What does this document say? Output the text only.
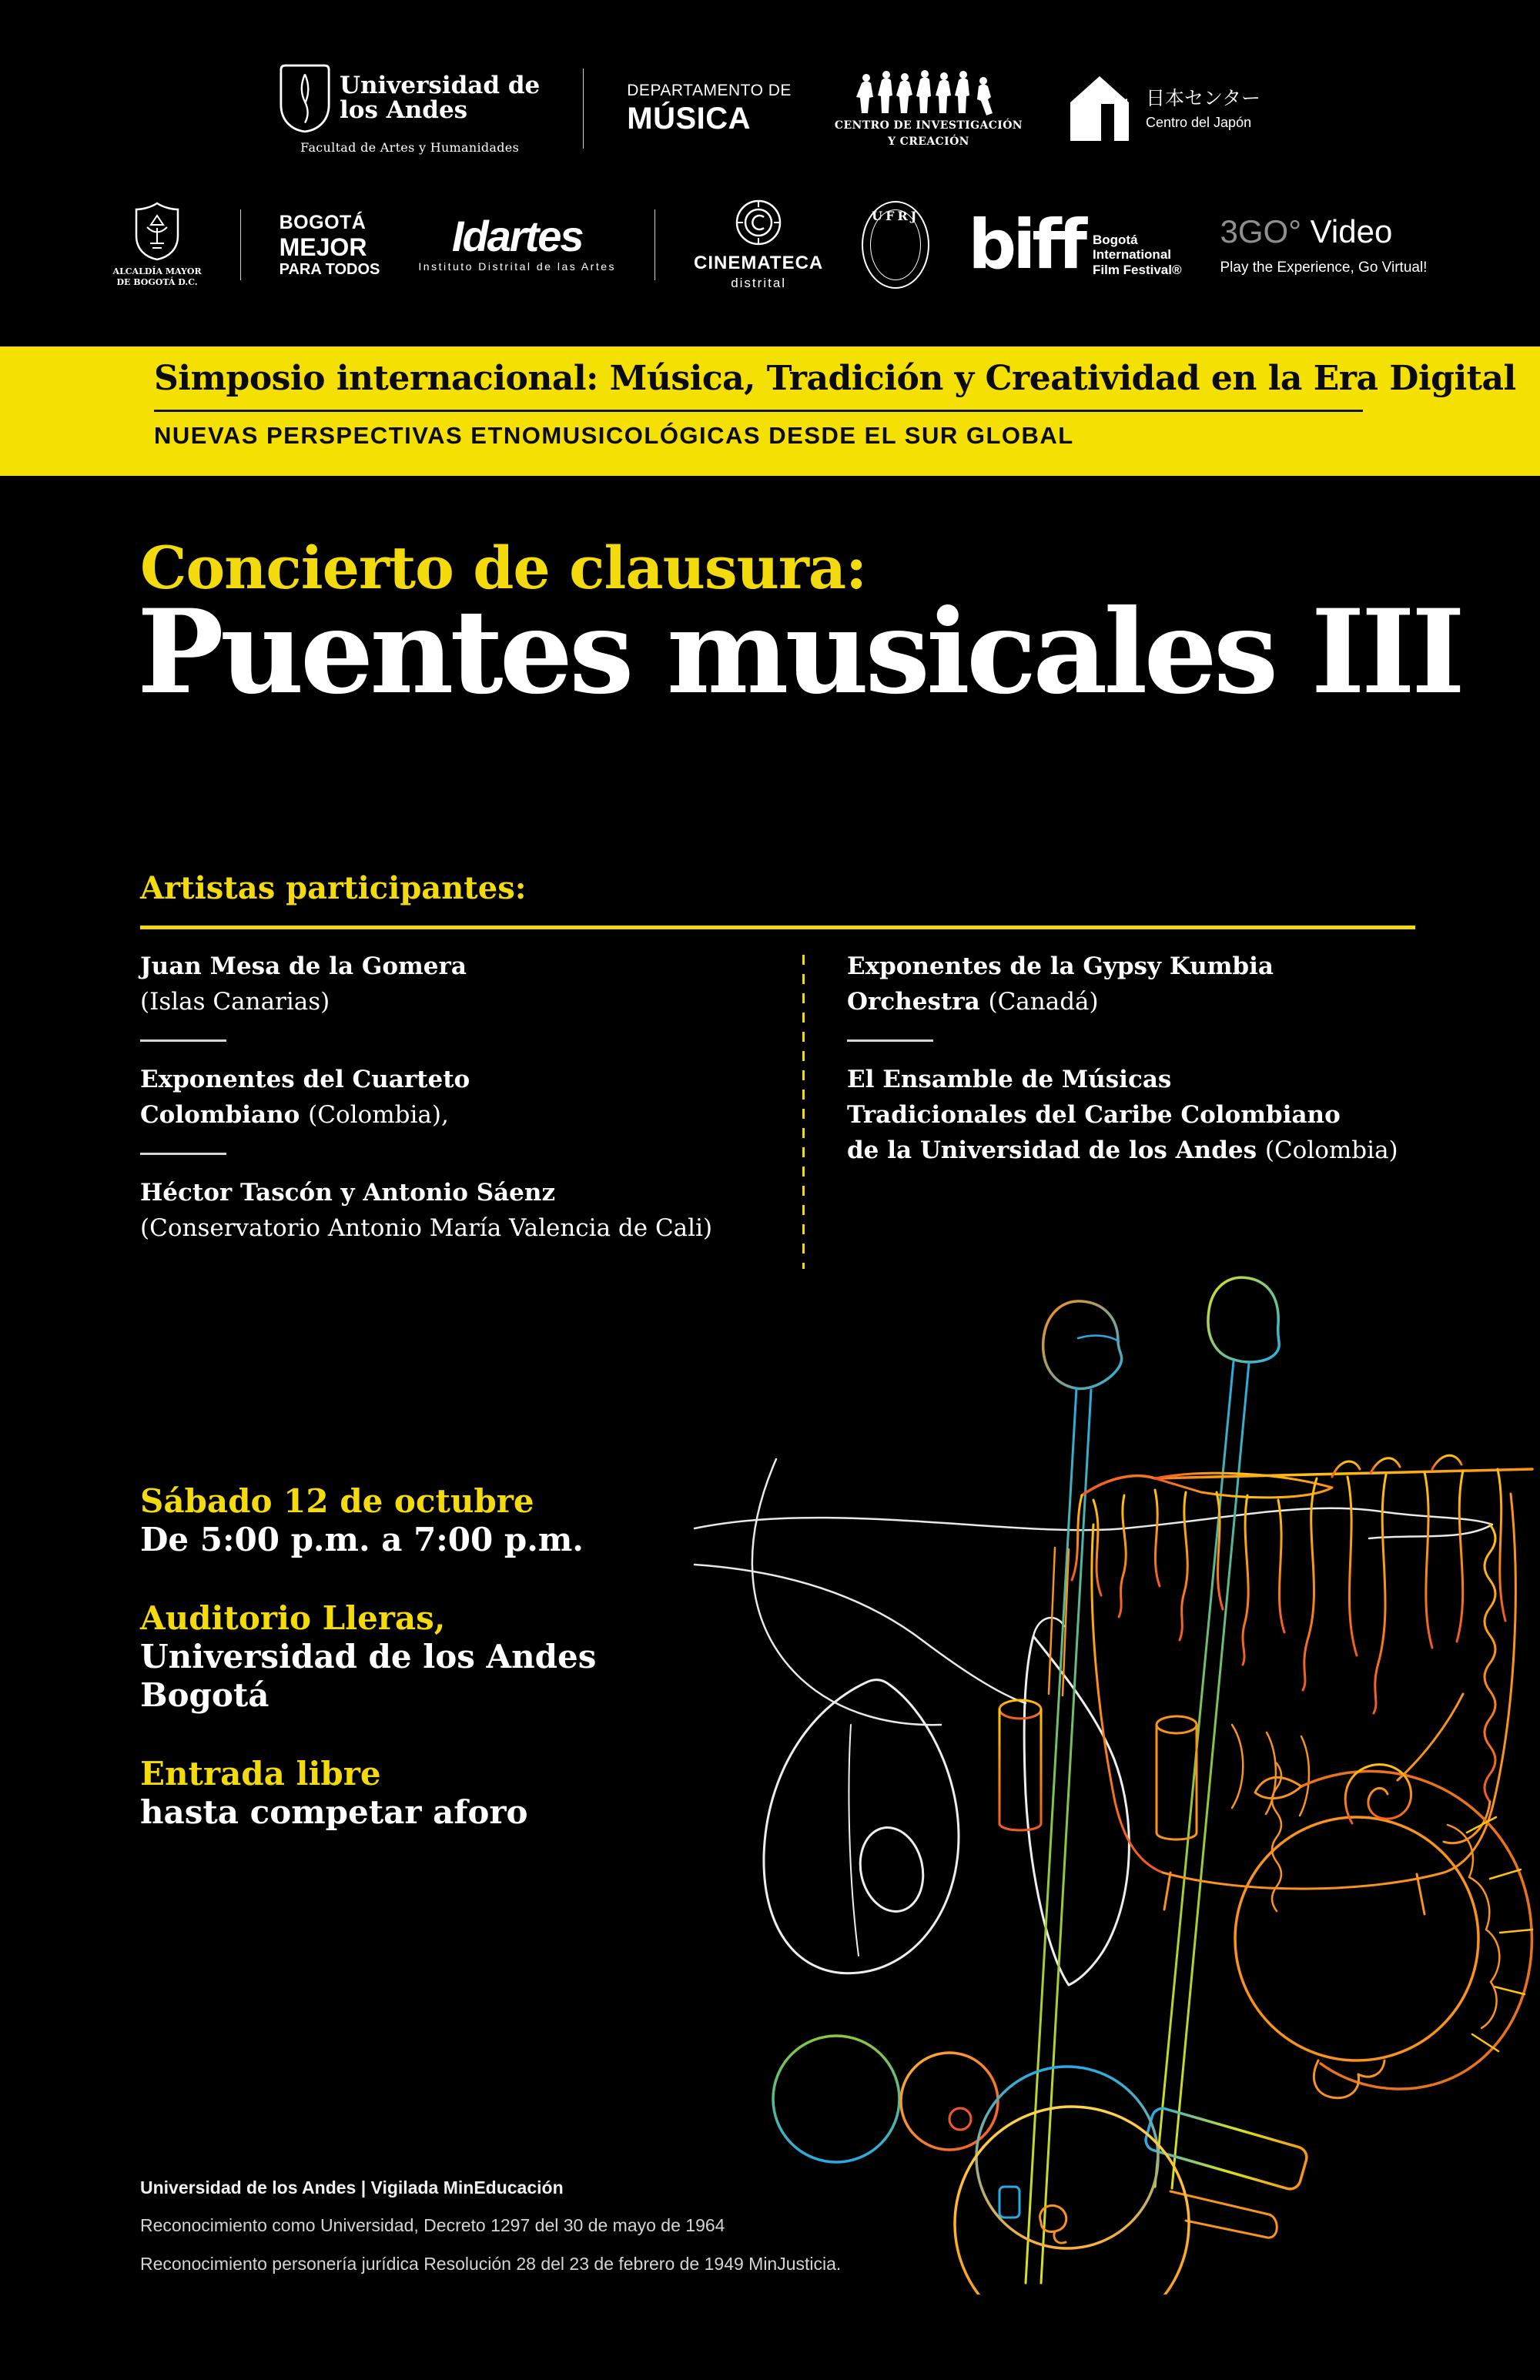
Universidad de
los Andes
Facultad de Artes y Humanidades
DEPARTAMENTO DE
MÚSICA	CENTRO DE INVESTIGACIÓN
Y CREACIÓN
日本センター
Centro del Japón
ALCALDÍA MAYOR
DE BOGOTÁ D.C.
BOGOTÁ
MEJOR
PARA TODOS
Idartes
Instituto Distrital de las Artes	CINEMATECA
distrital
UFRJ biff Bogotá
International
Film Festival®
3GO° Video
Play the Experience, Go Virtual!
Simposio internacional: Música, Tradición y Creatividad en la Era Digital
NUEVAS PERSPECTIVAS ETNOMUSICOLÓGICAS DESDE EL SUR GLOBAL
Concierto de clausura:
Puentes musicales III
Artistas participantes:
Juan Mesa de la Gomera
(Islas Canarias)
Exponentes del Cuarteto
Colombiano (Colombia),
Héctor Tascón y Antonio Sáenz
(Conservatorio Antonio María Valencia de Cali)
Exponentes de la Gypsy Kumbia
Orchestra (Canadá)
El Ensamble de Músicas
Tradicionales del Caribe Colombiano
de la Universidad de los Andes (Colombia)
Sábado 12 de octubre
De 5:00 p.m. a 7:00 p.m.
Auditorio Lleras,
Universidad de los Andes
Bogotá
Entrada libre
hasta competar aforo
Universidad de los Andes | Vigilada MinEducación
Reconocimiento como Universidad, Decreto 1297 del 30 de mayo de 1964
Reconocimiento personería jurídica Resolución 28 del 23 de febrero de 1949 MinJusticia.
